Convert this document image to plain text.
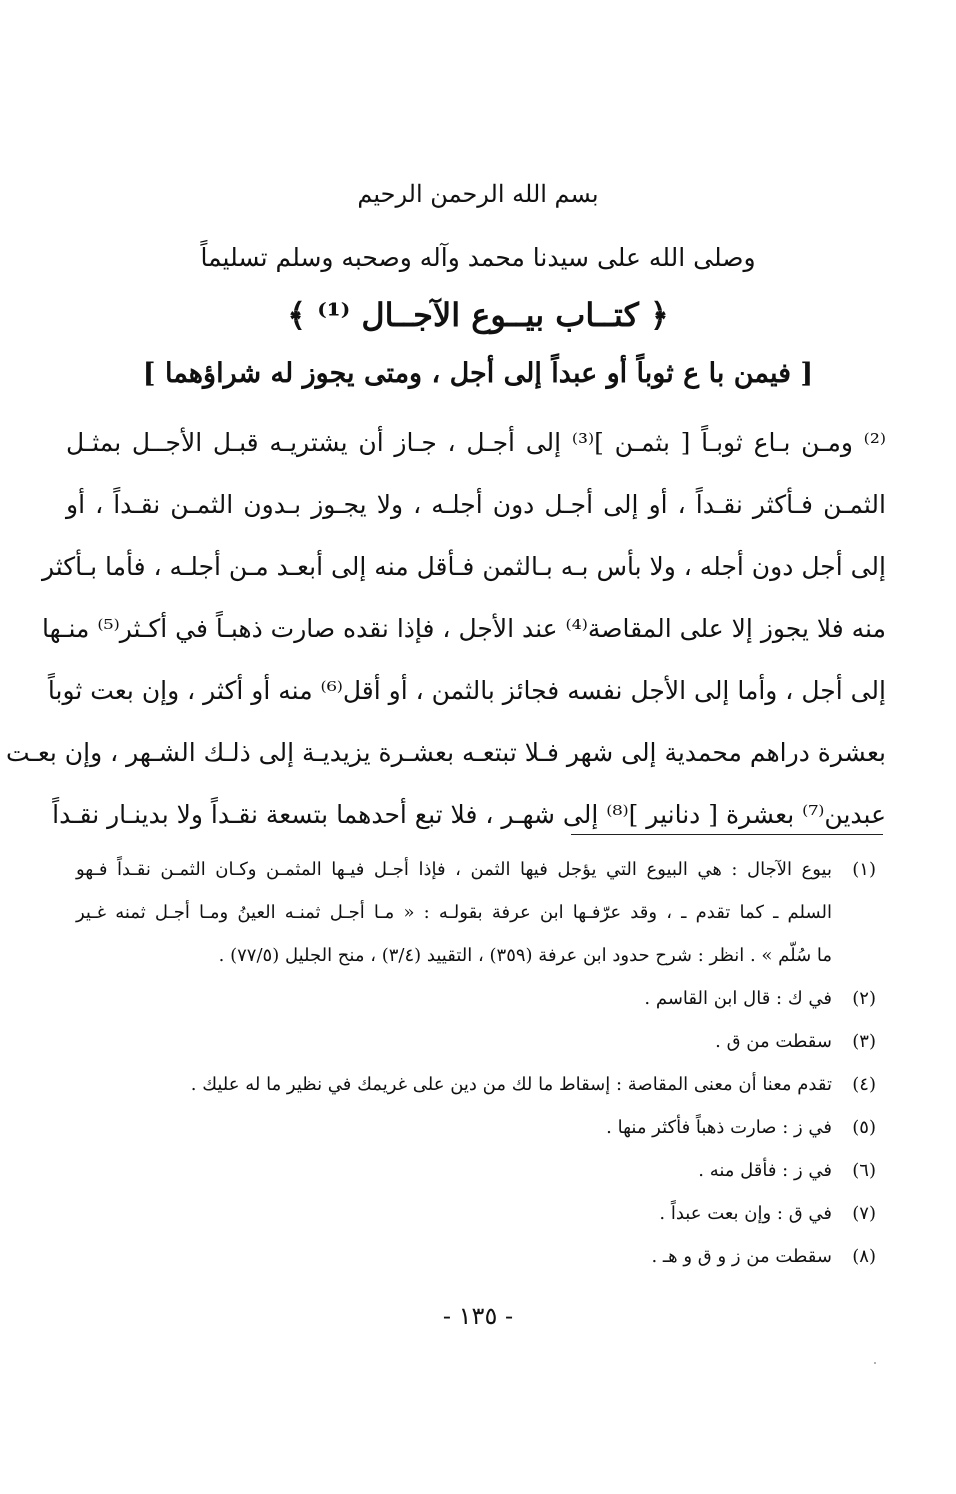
بسم الله الرحمن الرحيم
وصلى الله على سيدنا محمد وآله وصحبه وسلم تسليماً
﴿ كتــاب بيــوع الآجــال ⁽¹⁾ ﴾
[ فيمن با ع ثوباً أو عبداً إلى أجل ، ومتى يجوز له شراؤهما ]
⁽²⁾ ومـن بـاع ثوبـاً [ بثمـن ]⁽³⁾ إلى أجـل ، جـاز أن يشتريـه قبـل الأجــل بمثـل
الثمـن فـأكثر نقـداً ، أو إلى أجـل دون أجلـه ، ولا يجـوز بـدون الثمـن نقـداً ، أو
إلى أجل دون أجله ، ولا بأس بـه بـالثمن فـأقل منه إلى أبعـد مـن أجلـه ، فأما بـأكثر
منه فلا يجوز إلا على المقاصة⁽⁴⁾ عند الأجل ، فإذا نقده صارت ذهبـاً في أكـثر⁽⁵⁾ منـها
إلى أجل ، وأما إلى الأجل نفسه فجائز بالثمن ، أو أقل⁽⁶⁾ منه أو أكثر ، وإن بعت ثوباً
بعشرة دراهم محمدية إلى شهر فـلا تبتعـه بعشـرة يزيديـة إلى ذلـك الشـهر ، وإن بعـت
عبدين⁽⁷⁾ بعشرة [ دنانير ]⁽⁸⁾ إلى شهـر ، فلا تبع أحدهما بتسعة نقـداً ولا بدينـار نقـداً
(١)
بيوع الآجال : هي البيوع التي يؤجل فيها الثمن ، فإذا أجـل فيـها المثمـن وكـان الثمـن نقـداً فـهو
السلم ـ كما تقدم ـ ، وقد عرّفـها ابن عرفة بقولـه : « مـا أجـل ثمنـه العينُ ومـا أجـل ثمنه غـير
ما سُلّم » . انظر : شرح حدود ابن عرفة (٣٥٩) ، التقييد (٣/٤) ، منح الجليل (٧٧/٥) .
(٢)
في ك : قال ابن القاسم .
(٣)
سقطت من ق .
(٤)
تقدم معنا أن معنى المقاصة : إسقاط ما لك من دين على غريمك في نظير ما له عليك .
(٥)
في ز : صارت ذهباً فأكثر منها .
(٦)
في ز : فأقل منه .
(٧)
في ق : وإن بعت عبداً .
(٨)
سقطت من ز و ق و هـ .
- ١٣٥ -
